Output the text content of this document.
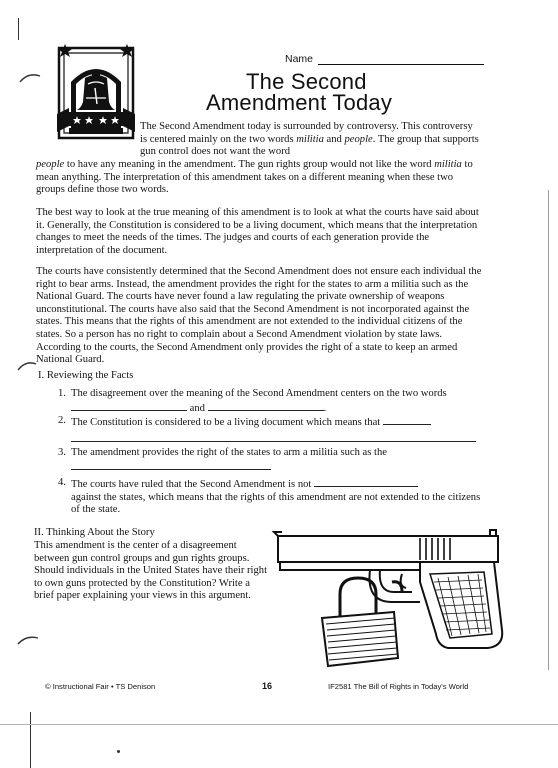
Name
The Second
Amendment Today

The Second Amendment today is surrounded by controversy. This controversy is centered mainly on the two words militia and people. The group that supports gun control does not want the word

people to have any meaning in the amendment. The gun rights group would not like the word militia to mean anything. The interpretation of this amendment takes on a different meaning when these two groups define those two words.

The best way to look at the true meaning of this amendment is to look at what the courts have said about it. Generally, the Constitution is considered to be a living document, which means that the interpretation changes to meet the needs of the times. The judges and courts of each generation provide the interpretation of the document.

The courts have consistently determined that the Second Amendment does not ensure each individual the right to bear arms. Instead, the amendment provides the right for the states to arm a militia such as the National Guard. The courts have never found a law regulating the private ownership of weapons unconstitutional. The courts have also said that the Second Amendment is not incorporated against the states. This means that the rights of this amendment are not extended to the individual citizens of the states. So a person has no right to complain about a Second Amendment violation by state laws. According to the courts, the Second Amendment only provides the right of a state to keep an armed National Guard.

I. Reviewing the Facts
1. The disagreement over the meaning of the Second Amendment centers on the two words
and	.
2. The Constitution is considered to be a living document which means that
3. The amendment provides the right of the states to arm a militia such as the
4. The courts have ruled that the Second Amendment is not
against the states, which means that the rights of this amendment are not extended to the citizens of the state.
II. Thinking About the Story

This amendment is the center of a disagreement between gun control groups and gun rights groups. Should individuals in the United States have their right to own guns protected by the Constitution? Write a brief paper explaining your views in this argument.

© Instructional Fair • TS Denison	16	IF2581 The Bill of Rights in Today's World
